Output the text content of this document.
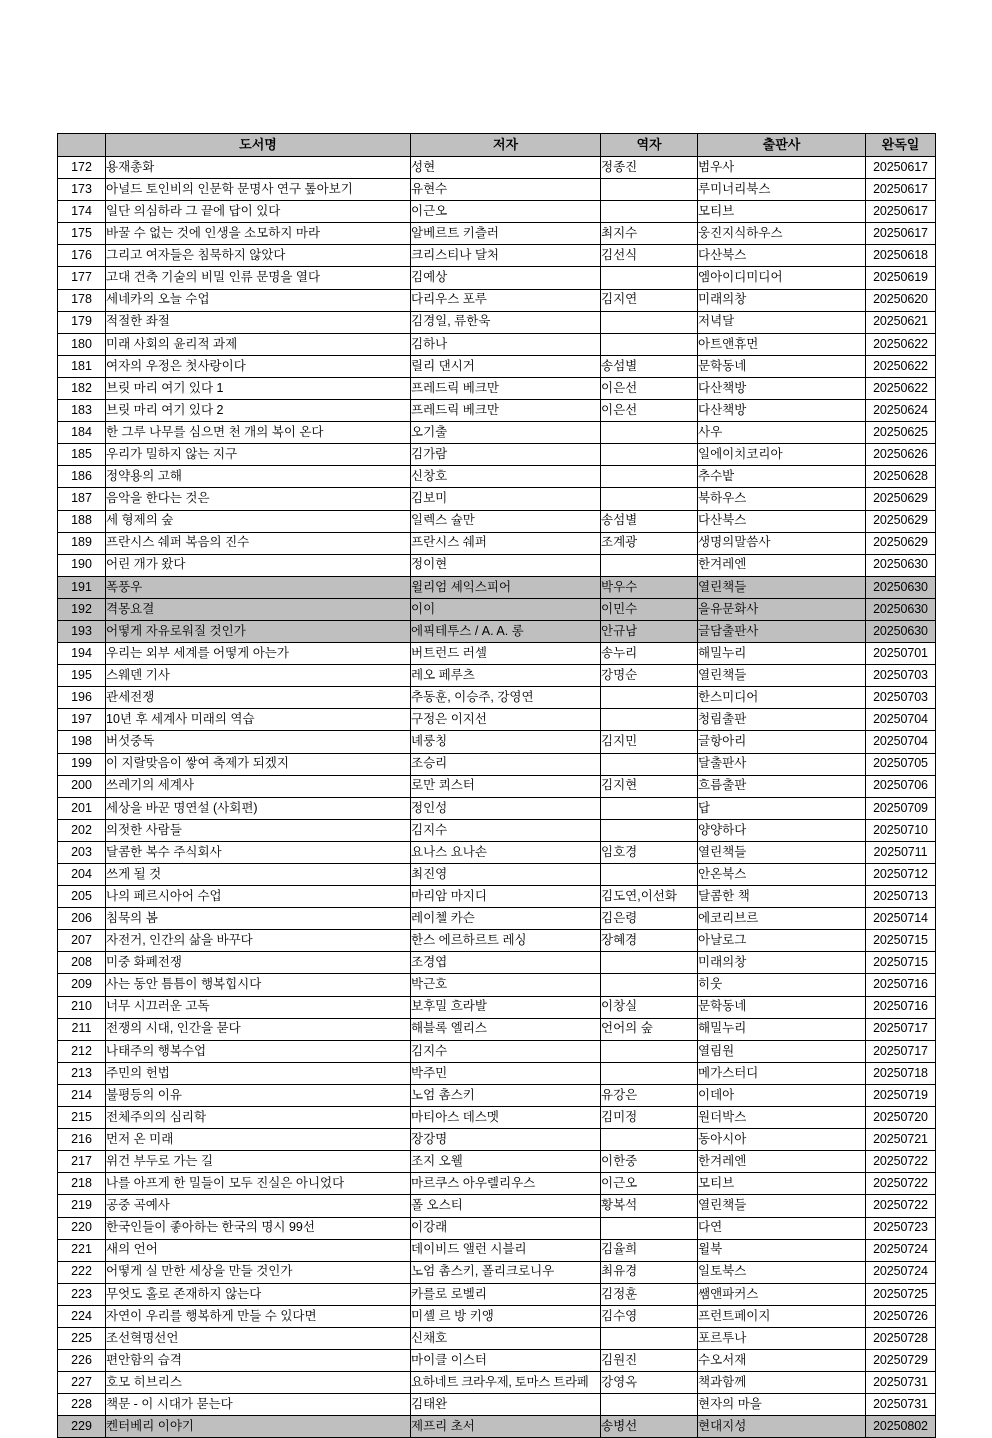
	도서명	저자	역자	출판사	완독일
172	용재총화	성현	정종진	범우사	20250617
173	아널드 토인비의 인문학 문명사 연구 톺아보기	유현수		루미너리북스	20250617
174	일단 의심하라 그 끝에 답이 있다	이근오		모티브	20250617
175	바꿀 수 없는 것에 인생을 소모하지 마라	알베르트 키츨러	최지수	웅진지식하우스	20250617
176	그리고 여자들은 침묵하지 않았다	크리스티나 달처	김선식	다산북스	20250618
177	고대 건축 기술의 비밀 인류 문명을 열다	김예상		엠아이디미디어	20250619
178	세네카의 오늘 수업	다리우스 포루	김지연	미래의창	20250620
179	적절한 좌절	김경일, 류한욱		저녁달	20250621
180	미래 사회의 윤리적 과제	김하나		아트앤휴먼	20250622
181	여자의 우정은 첫사랑이다	릴리 댄시거	송섬별	문학동네	20250622
182	브릿 마리 여기 있다 1	프레드릭 베크만	이은선	다산책방	20250622
183	브릿 마리 여기 있다 2	프레드릭 베크만	이은선	다산책방	20250624
184	한 그루 나무를 심으면 천 개의 복이 온다	오기출		사우	20250625
185	우리가 밀하지 않는 지구	김가람		일에이치코리아	20250626
186	정약용의 고해	신창호		추수밭	20250628
187	음악을 한다는 것은	김보미		북하우스	20250629
188	세 형제의 숲	일렉스 슐만	송섬별	다산북스	20250629
189	프란시스 쉐퍼 복음의 진수	프란시스 쉐퍼	조계광	생명의말씀사	20250629
190	어린 개가 왔다	정이현		한겨레엔	20250630
191	폭풍우	윌리엄 셰익스피어	박우수	열린책들	20250630
192	격몽요결	이이	이민수	을유문화사	20250630
193	어떻게 자유로워질 것인가	에픽테투스 / A. A. 롱	안규남	글담출판사	20250630
194	우리는 외부 세계를 어떻게 아는가	버트런드 러셀	송누리	해밀누리	20250701
195	스웨덴 기사	레오 페루츠	강명순	열린책들	20250703
196	관세전쟁	추동훈, 이승주, 강영연		한스미디어	20250703
197	10년 후 세계사 미래의 역습	구정은 이지선		청림출판	20250704
198	버섯중독	녜룽칭	김지민	글항아리	20250704
199	이 지랄맞음이 쌓여 축제가 되겠지	조승리		달출판사	20250705
200	쓰레기의 세계사	로만 쾨스터	김지현	흐름출판	20250706
201	세상을 바꾼 명연설 (사회편)	정인성		답	20250709
202	의젓한 사람들	김지수		양양하다	20250710
203	달콤한 복수 주식회사	요나스 요나손	임호경	열린책들	20250711
204	쓰게 될 것	최진영		안온북스	20250712
205	나의 페르시아어 수업	마리암 마지디	김도연,이선화	달콤한 책	20250713
206	침묵의 봄	레이첼 카슨	김은령	에코리브르	20250714
207	자전거, 인간의 삶을 바꾸다	한스 에르하르트 레싱	장혜경	아날로그	20250715
208	미중 화폐전쟁	조경엽		미래의창	20250715
209	사는 동안 틈틈이 행복힙시다	박근호		히웃	20250716
210	너무 시끄러운 고독	보후밀 흐라발	이창실	문학동네	20250716
211	전쟁의 시대, 인간을 묻다	해블록 엘리스	언어의 숲	해밀누리	20250717
212	나태주의 행복수업	김지수		열림원	20250717
213	주민의 헌법	박주민		메가스터디	20250718
214	불평등의 이유	노엄 촘스키	유강은	이데아	20250719
215	전체주의의 심리학	마티아스 데스멧	김미정	원더박스	20250720
216	먼저 온 미래	장강명		동아시아	20250721
217	위건 부두로 가는 길	조지 오웰	이한중	한겨레엔	20250722
218	나를 아프게 한 밀들이 모두 진실은 아니었다	마르쿠스 아우렐리우스	이근오	모티브	20250722
219	공중 곡예사	폴 오스티	황복석	열린책들	20250722
220	한국인들이 좋아하는 한국의 명시 99선	이강래		다연	20250723
221	새의 언어	데이비드 앨런 시블리	김율희	윌북	20250724
222	어떻게 실 만한 세상을 만들 것인가	노엄 촘스키, 폴리크로니우	최유경	일토북스	20250724
223	무엇도 홀로 존재하지 않는다	카를로 로벨리	김정훈	쌤앤파커스	20250725
224	자연이 우리를 행복하게 만들 수 있다면	미셸 르 방 키앵	김수영	프런트페이지	20250726
225	조선혁명선언	신채호		포르투나	20250728
226	편안함의 습격	마이클 이스터	김원진	수오서재	20250729
227	호모 히브리스	요하네트 크라우제, 토마스 트라페	강영옥	책과함께	20250731
228	책문 - 이 시대가 묻는다	김태완		현자의 마을	20250731
229	켄터베리 이야기	제프리 초서	송병선	현대지성	20250802
